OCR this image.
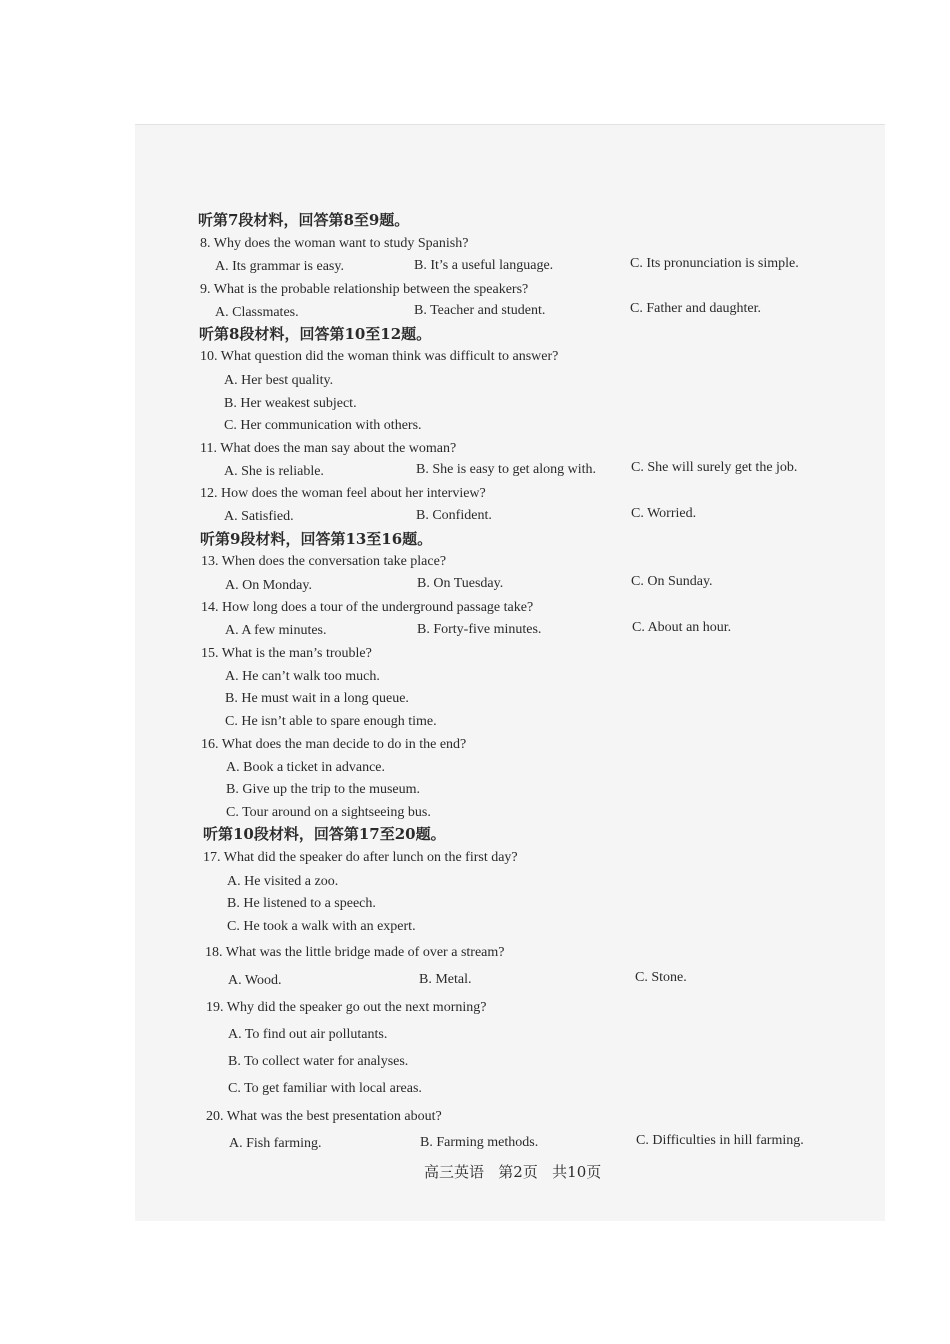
听第7段材料，回答第8至9题。
8. Why does the woman want to study Spanish?
A. Its grammar is easy.	B. It’s a useful language.	C. Its pronunciation is simple.
9. What is the probable relationship between the speakers?
A. Classmates.	B. Teacher and student.	C. Father and daughter.
听第8段材料，回答第10至12题。
10. What question did the woman think was difficult to answer?
A. Her best quality.
B. Her weakest subject.
C. Her communication with others.
11. What does the man say about the woman?
A. She is reliable.	B. She is easy to get along with. C. She will surely get the job.
12. How does the woman feel about her interview?
A. Satisfied.	B. Confident.	C. Worried.
听第9段材料，回答第13至16题。
13. When does the conversation take place?
A. On Monday.	B. On Tuesday.	C. On Sunday.
14. How long does a tour of the underground passage take?
A. A few minutes.	B. Forty-five minutes.	C. About an hour.
15. What is the man’s trouble?
A. He can’t walk too much.
B. He must wait in a long queue.
C. He isn’t able to spare enough time.
16. What does the man decide to do in the end?
A. Book a ticket in advance.
B. Give up the trip to the museum.
C. Tour around on a sightseeing bus.
听第10段材料，回答第17至20题。
17. What did the speaker do after lunch on the first day?
A. He visited a zoo.
B. He listened to a speech.
C. He took a walk with an expert.
18. What was the little bridge made of over a stream?
A. Wood.	B. Metal.	C. Stone.
19. Why did the speaker go out the next morning?
A. To find out air pollutants.
B. To collect water for analyses.
C. To get familiar with local areas.
20. What was the best presentation about?
A. Fish farming.	B. Farming methods.	C. Difficulties in hill farming.
高三英语   第2页   共10页
